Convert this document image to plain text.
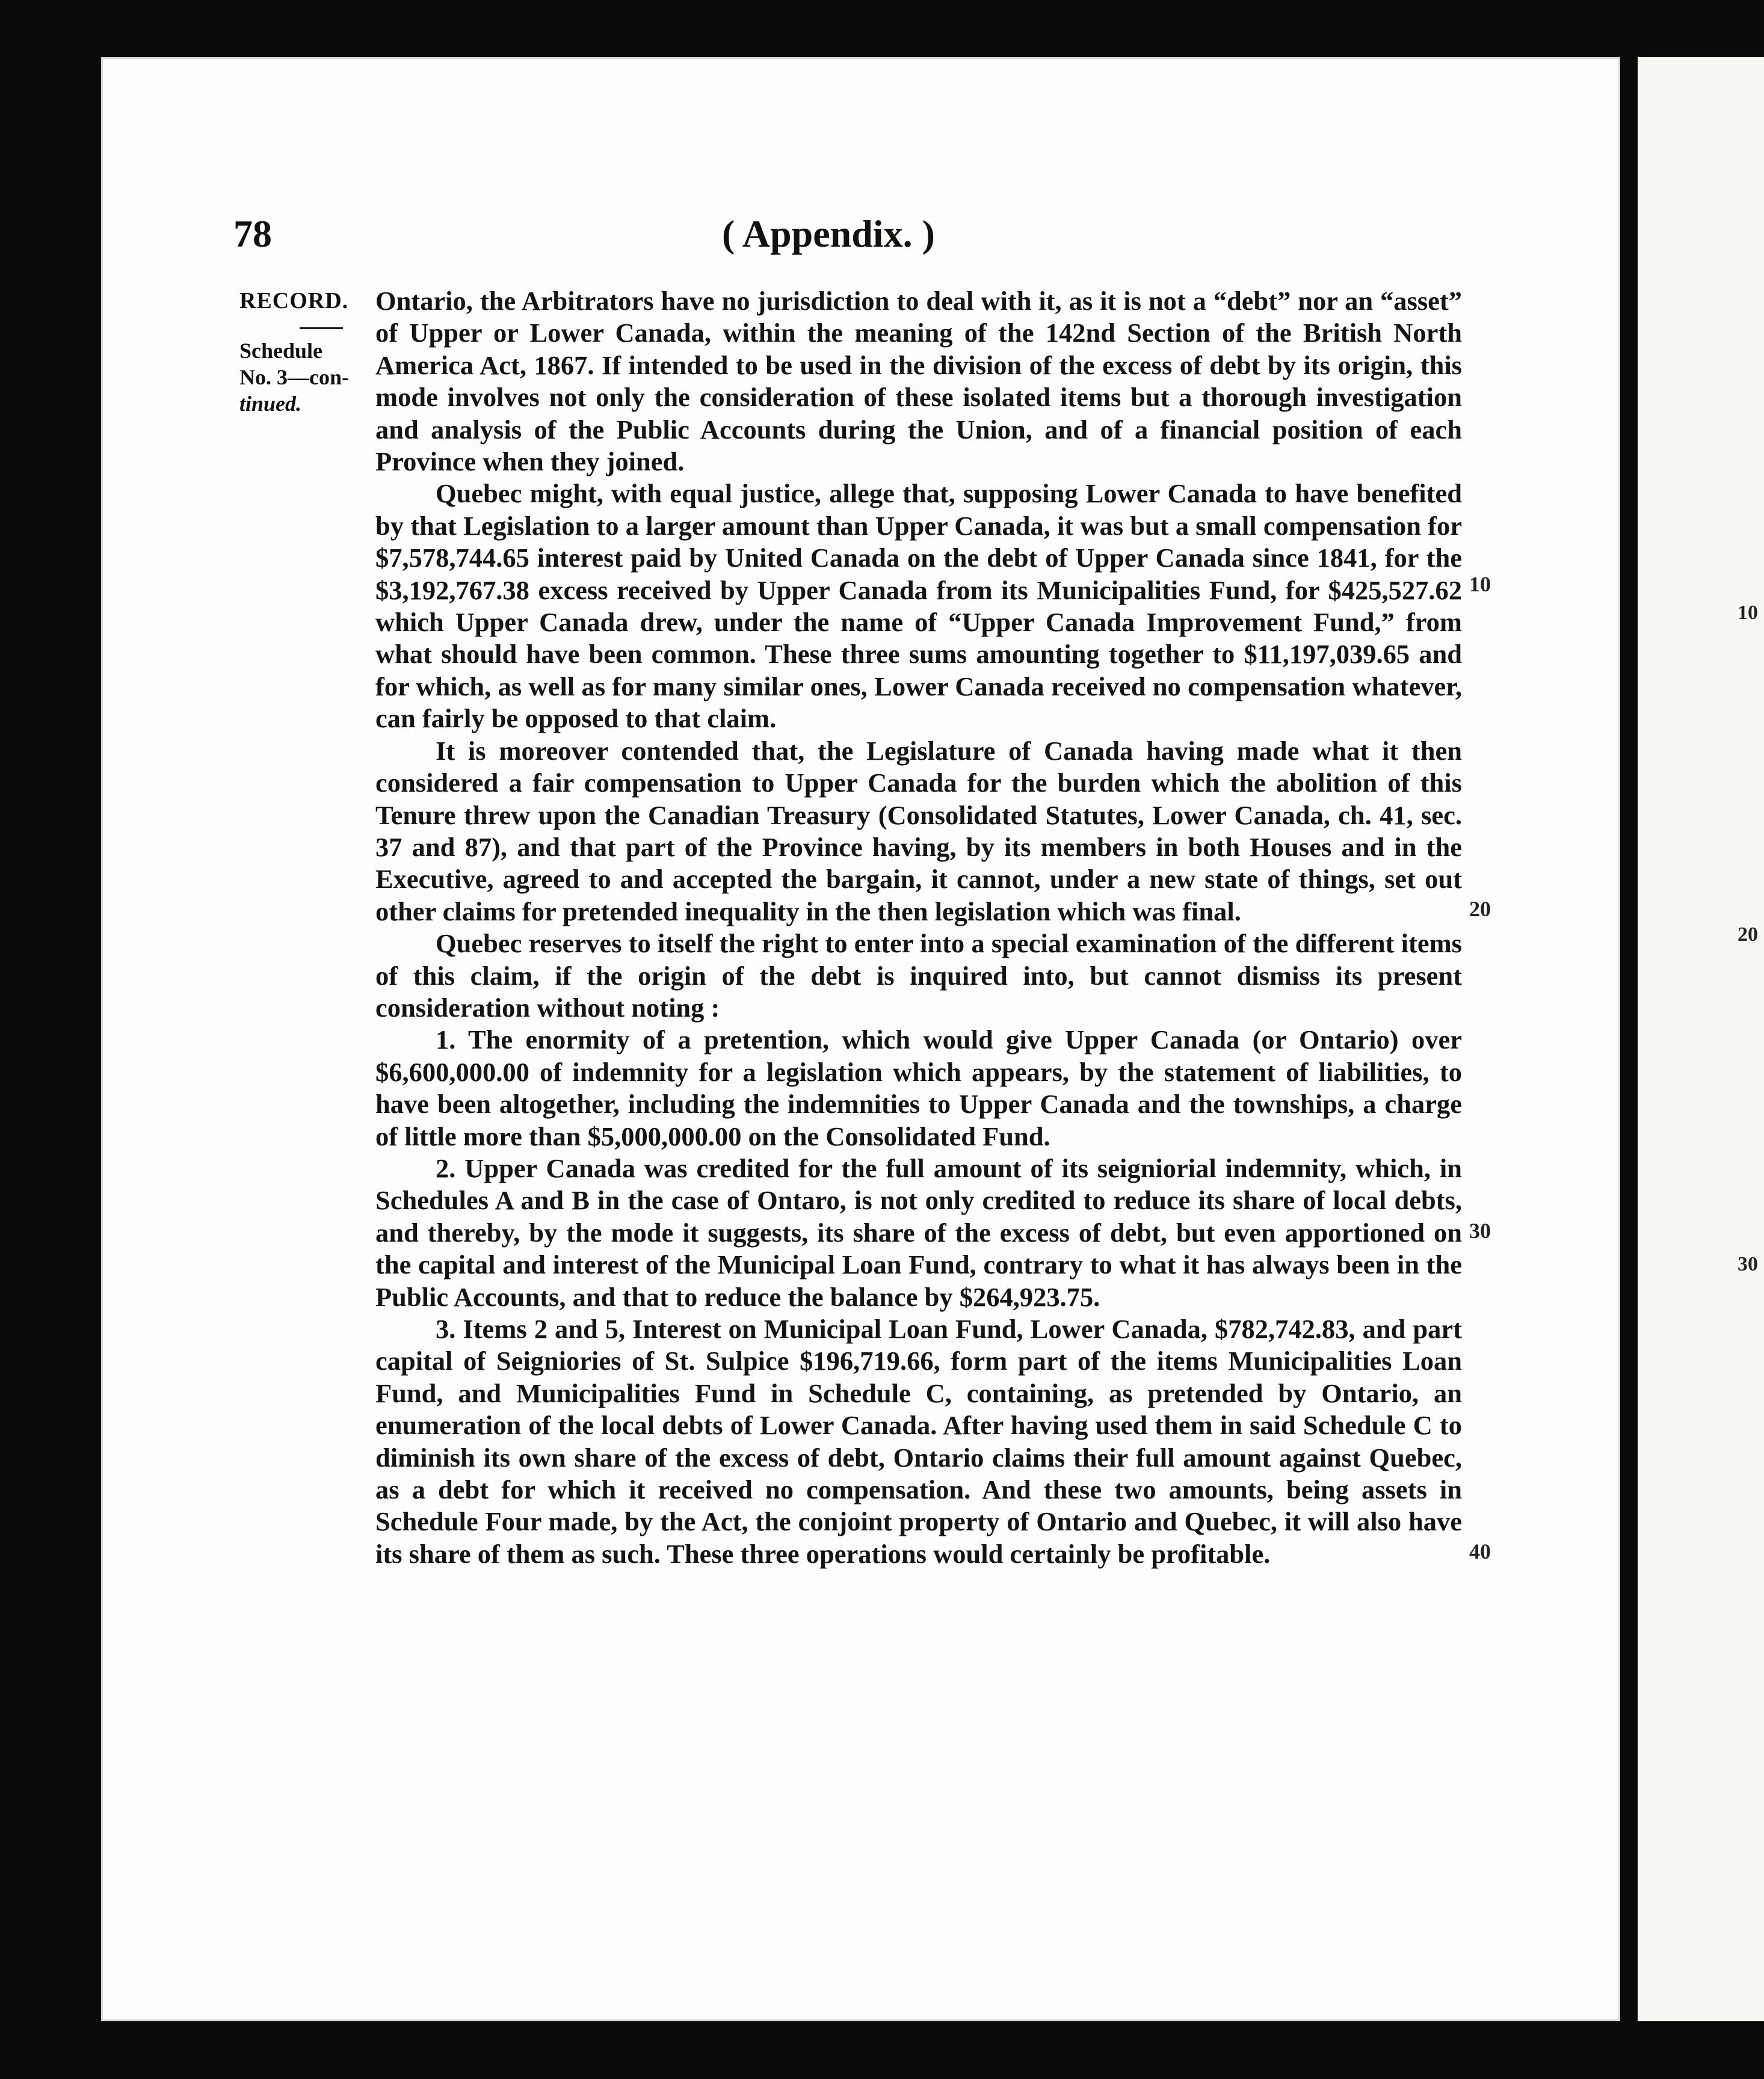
78	( Appendix. )
RECORD.
Schedule
No. 3—con-
tinued.

Ontario, the Arbitrators have no jurisdiction to deal with it, as it is not a “debt” nor an “asset” of Upper or Lower Canada, within the meaning of the 142nd Section of the British North America Act, 1867. If intended to be used in the division of the excess of debt by its origin, this mode involves not only the consideration of these isolated items but a thorough investigation and analysis of the Public Accounts during the Union, and of a financial position of each Province when they joined.

Quebec might, with equal justice, allege that, supposing Lower Canada to have benefited by that Legislation to a larger amount than Upper Canada, it was but a small compensation for $7,578,744.65 interest paid by United Canada on the debt of Upper Canada since 1841, for the $3,192,767.38 excess received by Upper Canada from its Municipalities Fund, for $425,527.62 which Upper Canada drew, under the name of “Upper Canada Improvement Fund,” from what should have been common. These three sums amounting together to $11,197,039.65 and for which, as well as for many similar ones, Lower Canada received no compensation whatever, can fairly be opposed to that claim.

It is moreover contended that, the Legislature of Canada having made what it then considered a fair compensation to Upper Canada for the burden which the abolition of this Tenure threw upon the Canadian Treasury (Consolidated Statutes, Lower Canada, ch. 41, sec. 37 and 87), and that part of the Province having, by its members in both Houses and in the Executive, agreed to and accepted the bargain, it cannot, under a new state of things, set out other claims for pretended inequality in the then legislation which was final.

Quebec reserves to itself the right to enter into a special examination of the different items of this claim, if the origin of the debt is inquired into, but cannot dismiss its present consideration without noting :

1. The enormity of a pretention, which would give Upper Canada (or Ontario) over $6,600,000.00 of indemnity for a legislation which appears, by the statement of liabilities, to have been altogether, including the indemnities to Upper Canada and the townships, a charge of little more than $5,000,000.00 on the Consolidated Fund.

2. Upper Canada was credited for the full amount of its seigniorial indemnity, which, in Schedules A and B in the case of Ontaro, is not only credited to reduce its share of local debts, and thereby, by the mode it suggests, its share of the excess of debt, but even apportioned on the capital and interest of the Municipal Loan Fund, contrary to what it has always been in the Public Accounts, and that to reduce the balance by $264,923.75.

3. Items 2 and 5, Interest on Municipal Loan Fund, Lower Canada, $782,742.83, and part capital of Seigniories of St. Sulpice $196,719.66, form part of the items Municipalities Loan Fund, and Municipalities Fund in Schedule C, containing, as pretended by Ontario, an enumeration of the local debts of Lower Canada. After having used them in said Schedule C to diminish its own share of the excess of debt, Ontario claims their full amount against Quebec, as a debt for which it received no compensation. And these two amounts, being assets in Schedule Four made, by the Act, the conjoint property of Ontario and Quebec, it will also have its share of them as such. These three operations would certainly be profitable.

10
20
30
40
10
20
30
